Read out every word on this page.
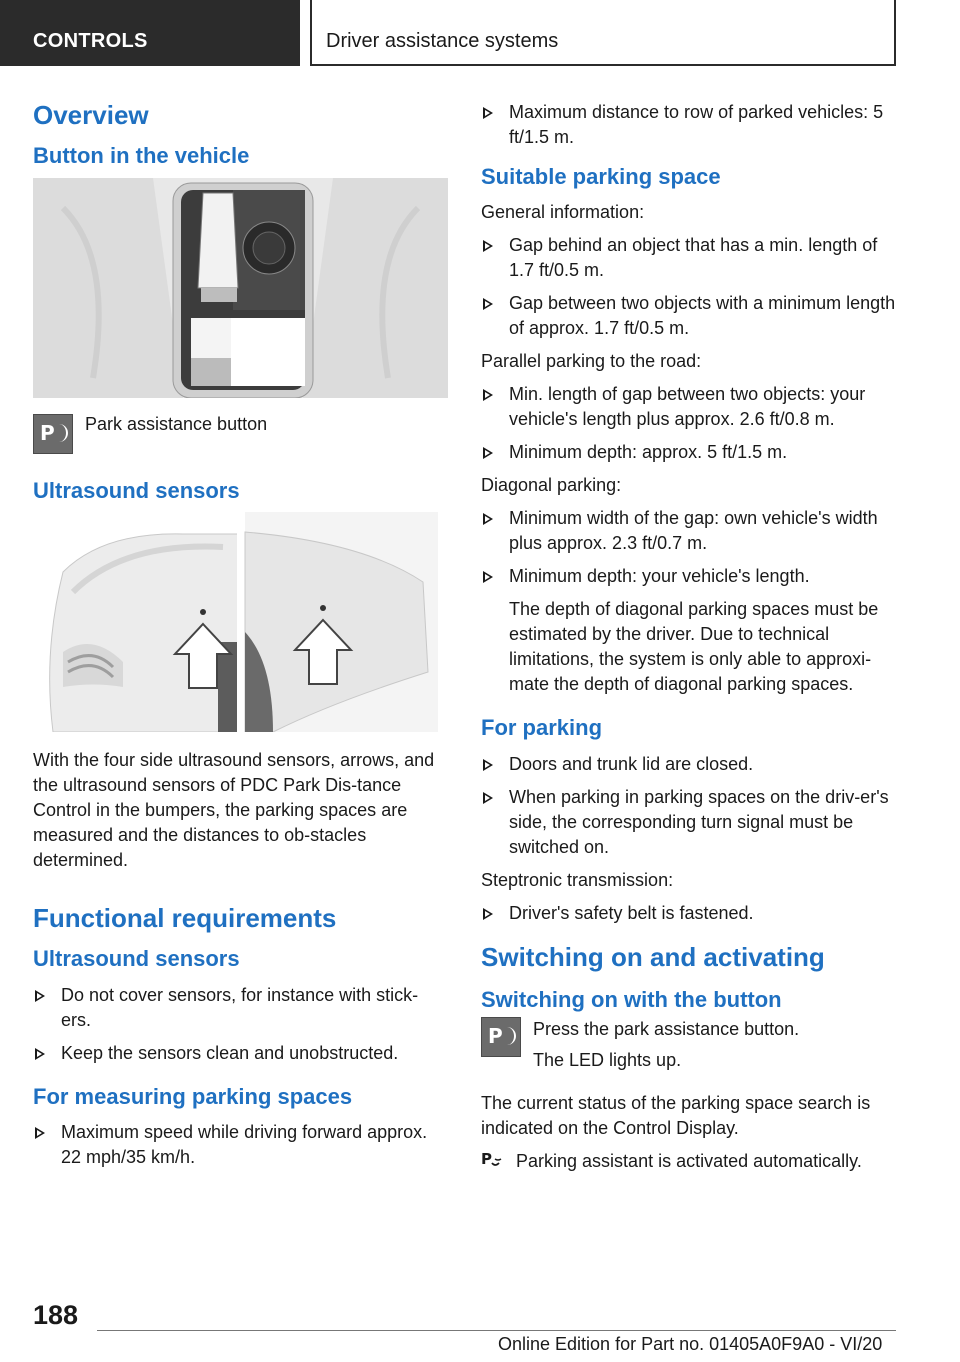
CONTROLS	Driver assistance systems
Overview
Button in the vehicle
P Park assistance button
Ultrasound sensors

With the four side ultrasound sensors, arrows, and the ultrasound sensors of PDC Park Dis-tance Control in the bumpers, the parking spaces are measured and the distances to ob-stacles determined.

Functional requirements
Ultrasound sensors
Do not cover sensors, for instance with stick-ers.
Keep the sensors clean and unobstructed.
For measuring parking spaces
Maximum speed while driving forward approx. 22 mph/35 km/h.
Maximum distance to row of parked vehicles: 5 ft/1.5 m.
Suitable parking space

General information:

Gap behind an object that has a min. length of 1.7 ft/0.5 m.
Gap between two objects with a minimum length of approx. 1.7 ft/0.5 m.

Parallel parking to the road:

Min. length of gap between two objects: your vehicle's length plus approx. 2.6 ft/0.8 m.
Minimum depth: approx. 5 ft/1.5 m.

Diagonal parking:

Minimum width of the gap: own vehicle's width plus approx. 2.3 ft/0.7 m.
Minimum depth: your vehicle's length.

The depth of diagonal parking spaces must be estimated by the driver. Due to technical limitations, the system is only able to approxi-mate the depth of diagonal parking spaces.

For parking
Doors and trunk lid are closed.
When parking in parking spaces on the driv-er's side, the corresponding turn signal must be switched on.

Steptronic transmission:

Driver's safety belt is fastened.
Switching on and activating
Switching on with the button
P Press the park assistance button.

The LED lights up.

The current status of the parking space search is indicated on the Control Display.

P Parking assistant is activated automatically.
188
Online Edition for Part no. 01405A0F9A0 - VI/20
